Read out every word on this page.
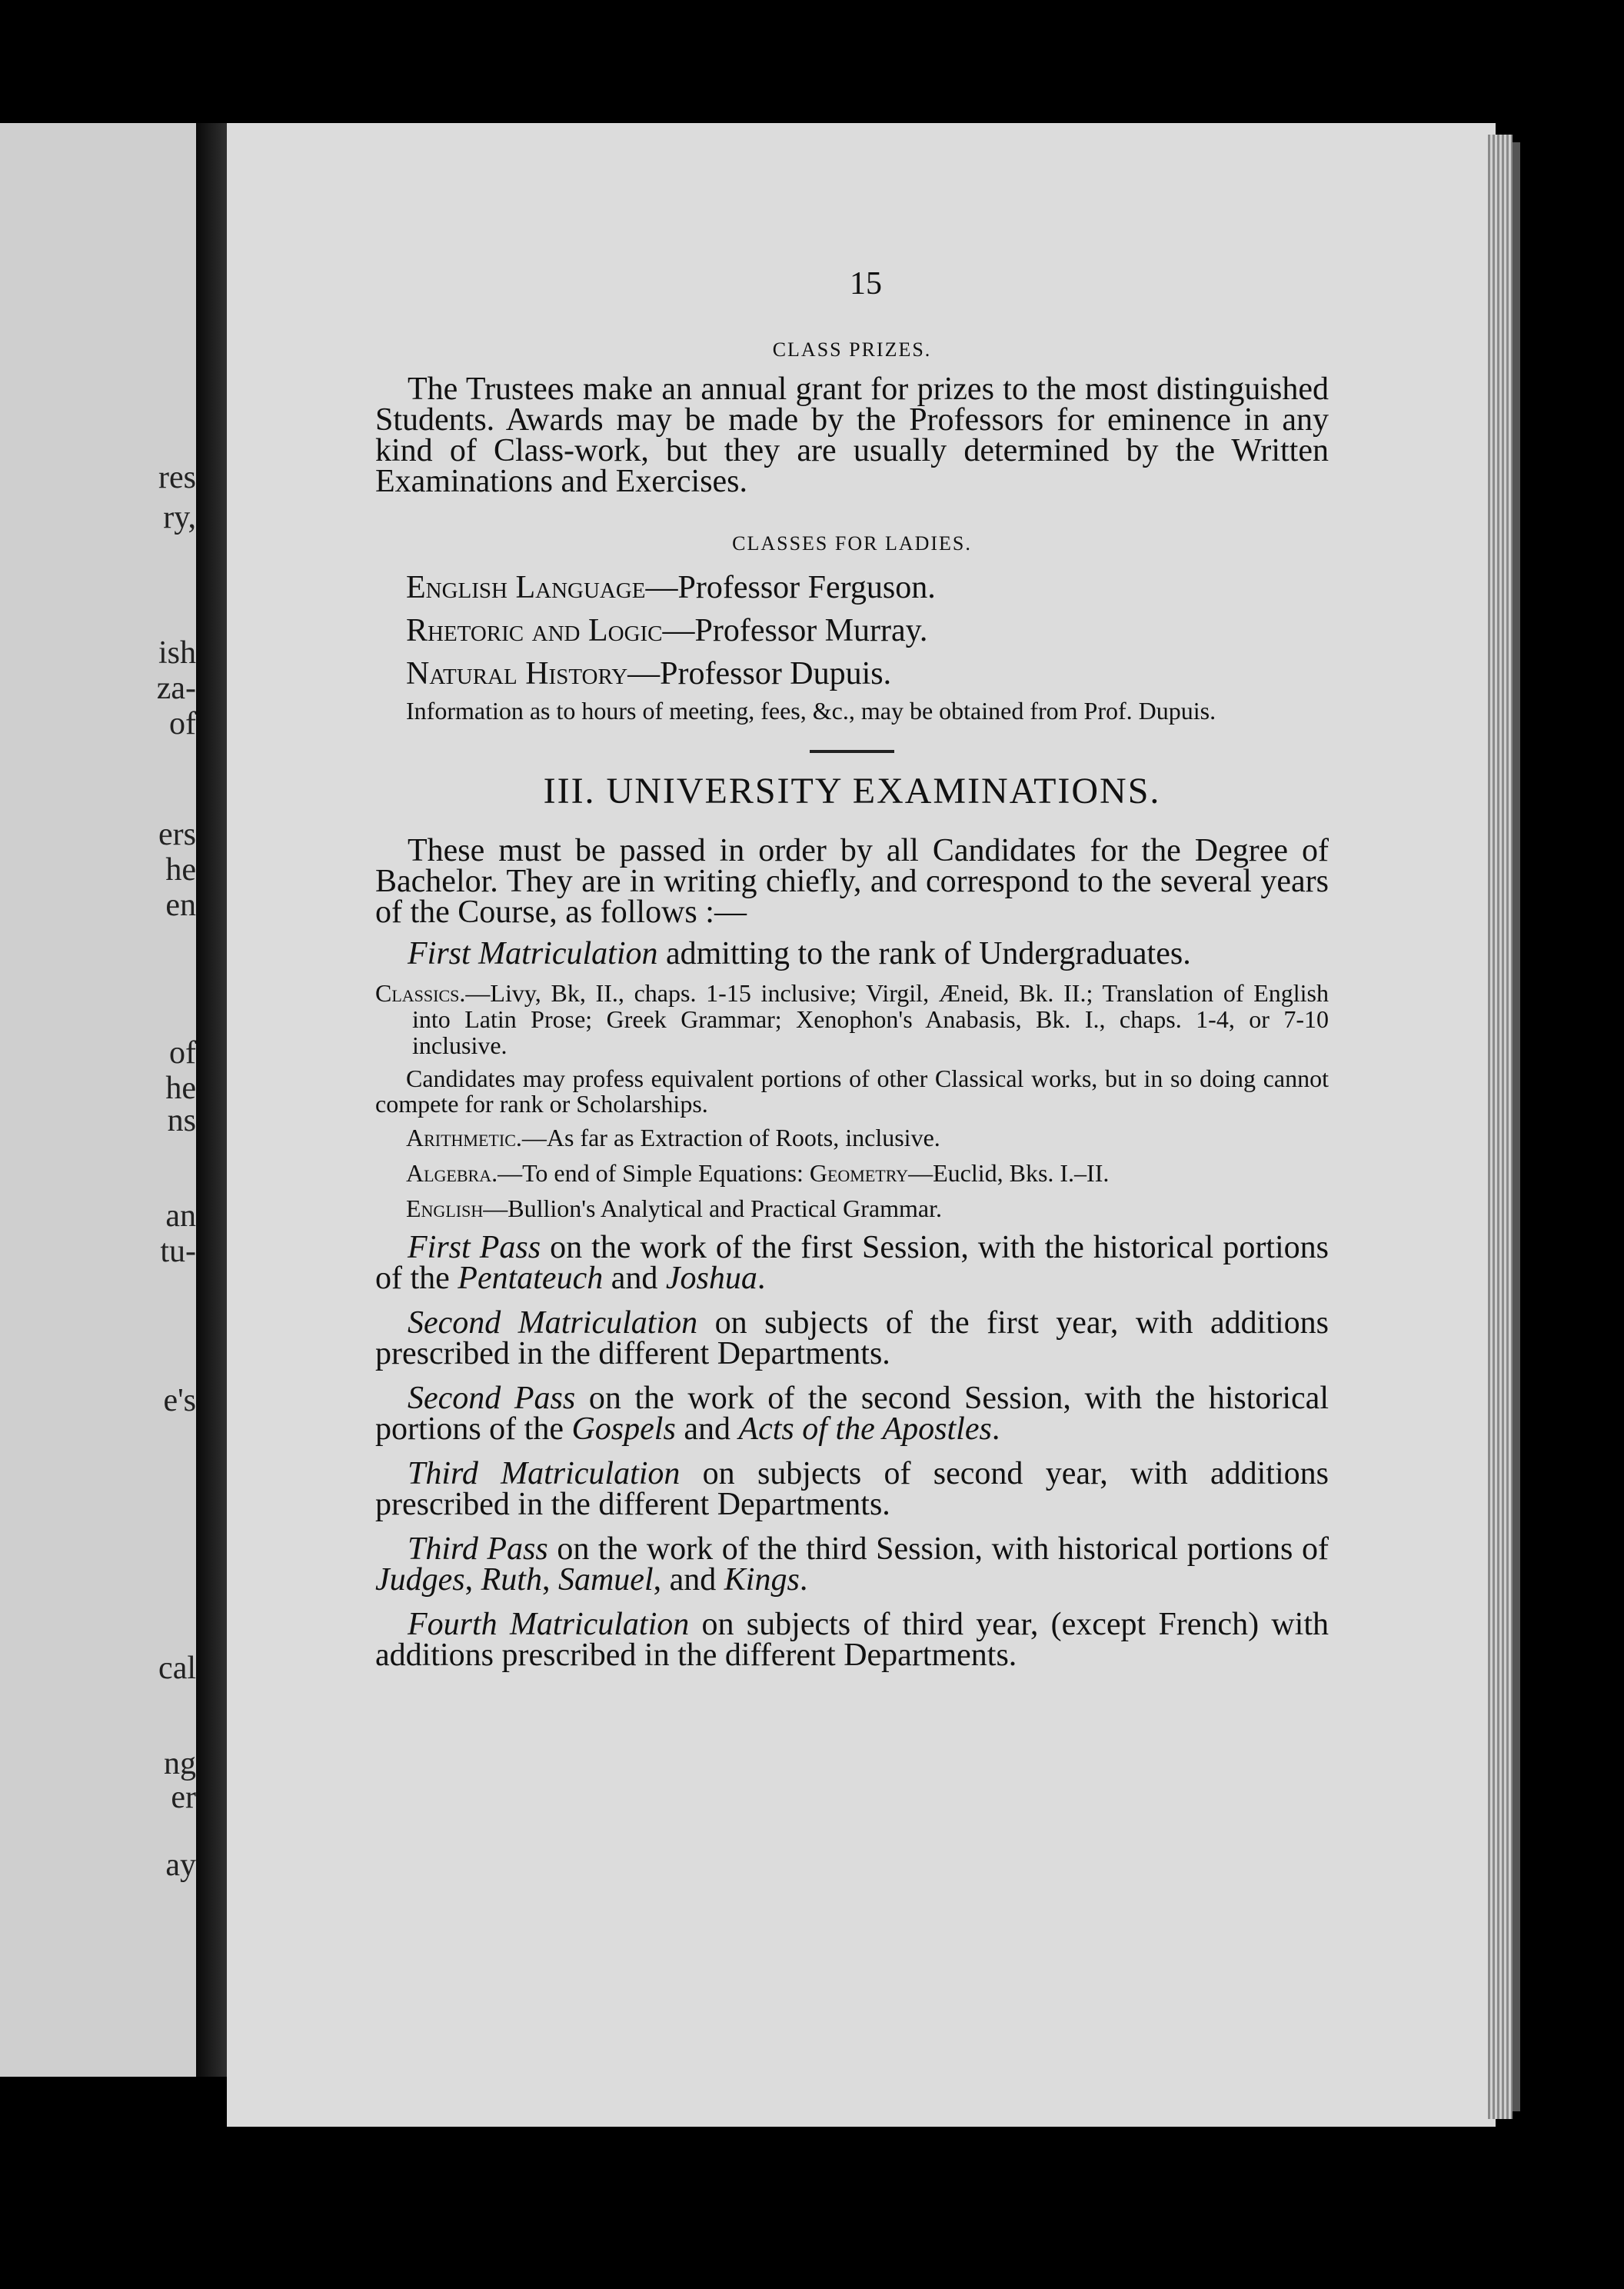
res
ry,
ish
za-
of
ers
he
en
of
he
ns
an
tu-
e's
cal
ng
er
ay
15

CLASS PRIZES.

The Trustees make an annual grant for prizes to the most distinguished Students. Awards may be made by the Professors for eminence in any kind of Class-work, but they are usually determined by the Written Examinations and Exercises.

CLASSES FOR LADIES.

English Language—Professor Ferguson.

Rhetoric and Logic—Professor Murray.

Natural History—Professor Dupuis.

Information as to hours of meeting, fees, &c., may be obtained from Prof. Dupuis.

III. UNIVERSITY EXAMINATIONS.

These must be passed in order by all Candidates for the Degree of Bachelor. They are in writing chiefly, and correspond to the several years of the Course, as follows :—

First Matriculation admitting to the rank of Undergraduates.

Classics.—Livy, Bk, II., chaps. 1-15 inclusive; Virgil, Æneid, Bk. II.; Translation of English into Latin Prose; Greek Grammar; Xenophon's Anabasis, Bk. I., chaps. 1-4, or 7-10 inclusive.

Candidates may profess equivalent portions of other Classical works, but in so doing cannot compete for rank or Scholarships.

Arithmetic.—As far as Extraction of Roots, inclusive.

Algebra.—To end of Simple Equations: Geometry—Euclid, Bks. I.–II.

English—Bullion's Analytical and Practical Grammar.

First Pass on the work of the first Session, with the historical portions of the Pentateuch and Joshua.

Second Matriculation on subjects of the first year, with additions prescribed in the different Departments.

Second Pass on the work of the second Session, with the historical portions of the Gospels and Acts of the Apostles.

Third Matriculation on subjects of second year, with additions prescribed in the different Departments.

Third Pass on the work of the third Session, with historical portions of Judges, Ruth, Samuel, and Kings.

Fourth Matriculation on subjects of third year, (except French) with additions prescribed in the different Departments.
